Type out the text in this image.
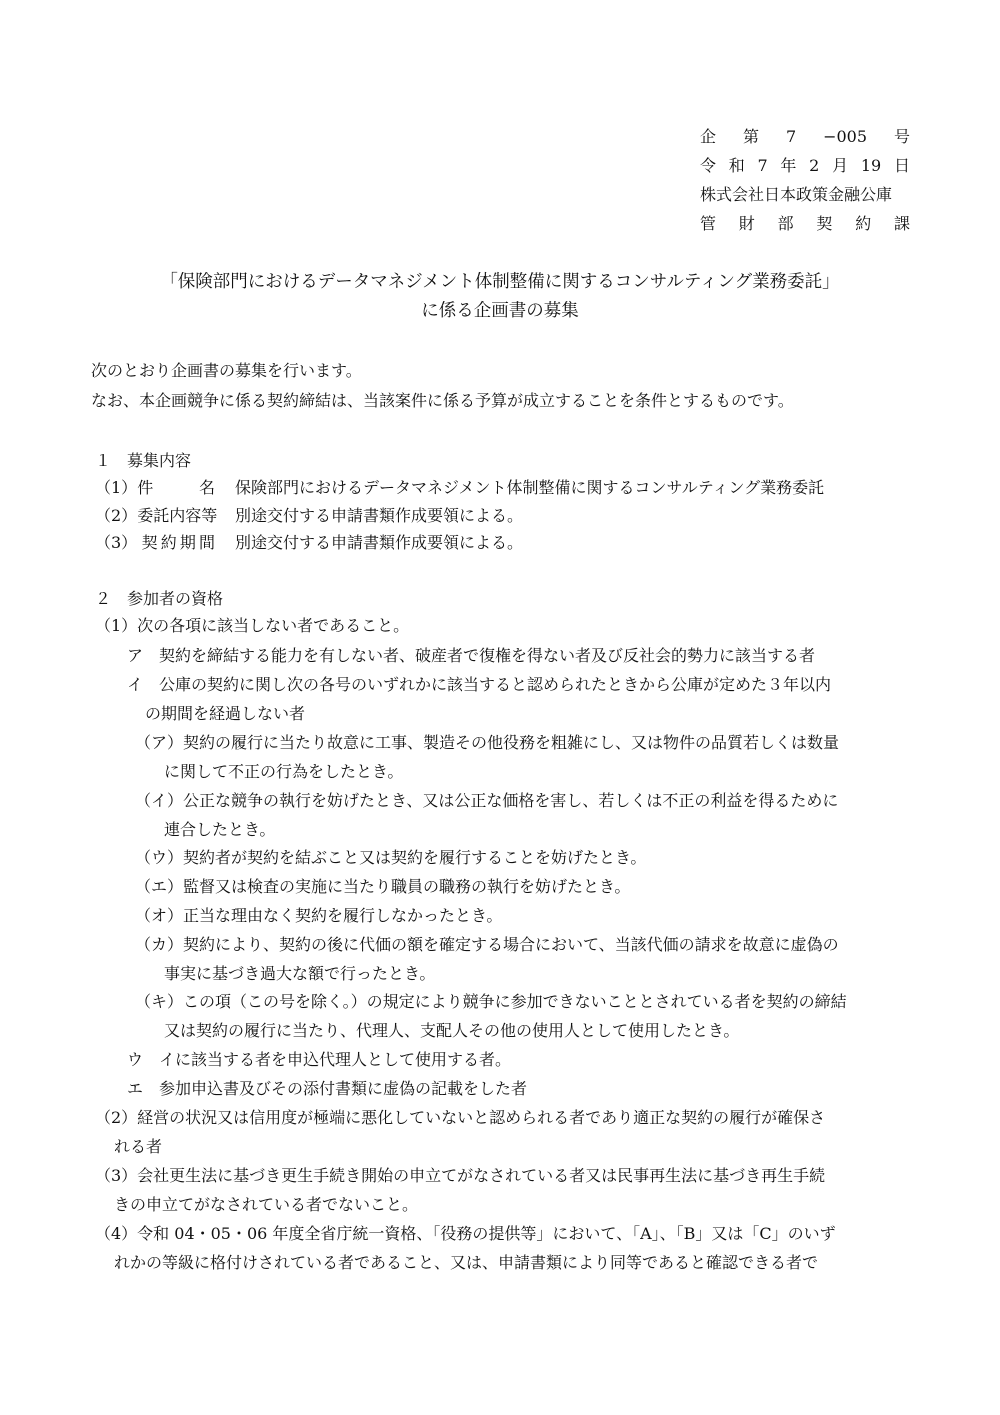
企 第 7 −005 号
令 和 7 年 2 月 19 日
株式会社日本政策金融公庫
管 財 部 契 約 課
「保険部門におけるデータマネジメント体制整備に関するコンサルティング業務委託」
に係る企画書の募集
次のとおり企画書の募集を行います。
なお、本企画競争に係る契約締結は、当該案件に係る予算が成立することを条件とするものです。
１　募集内容
（1） 件	名 保険部門におけるデータマネジメント体制整備に関するコンサルティング業務委託
（2） 委託内容等 別途交付する申請書類作成要領による。
（3） 契 約 期 間 別途交付する申請書類作成要領による。
２　参加者の資格
（1）次の各項に該当しない者であること。
ア　契約を締結する能力を有しない者、破産者で復権を得ない者及び反社会的勢力に該当する者
イ　公庫の契約に関し次の各号のいずれかに該当すると認められたときから公庫が定めた３年以内
の期間を経過しない者
（ア）契約の履行に当たり故意に工事、製造その他役務を粗雑にし、又は物件の品質若しくは数量
に関して不正の行為をしたとき。
（イ）公正な競争の執行を妨げたとき、又は公正な価格を害し、若しくは不正の利益を得るために
連合したとき。
（ウ）契約者が契約を結ぶこと又は契約を履行することを妨げたとき。
（エ）監督又は検査の実施に当たり職員の職務の執行を妨げたとき。
（オ）正当な理由なく契約を履行しなかったとき。
（カ）契約により、契約の後に代価の額を確定する場合において、当該代価の請求を故意に虚偽の
事実に基づき過大な額で行ったとき。
（キ）この項（この号を除く。）の規定により競争に参加できないこととされている者を契約の締結
又は契約の履行に当たり、代理人、支配人その他の使用人として使用したとき。
ウ　イに該当する者を申込代理人として使用する者。
エ　参加申込書及びその添付書類に虚偽の記載をした者
（2）経営の状況又は信用度が極端に悪化していないと認められる者であり適正な契約の履行が確保さ
れる者
（3）会社更生法に基づき更生手続き開始の申立てがなされている者又は民事再生法に基づき再生手続
きの申立てがなされている者でないこと。
（4）令和 04・05・06 年度全省庁統一資格、「役務の提供等」において、「A」、「B」又は「C」のいず
れかの等級に格付けされている者であること、又は、申請書類により同等であると確認できる者で
